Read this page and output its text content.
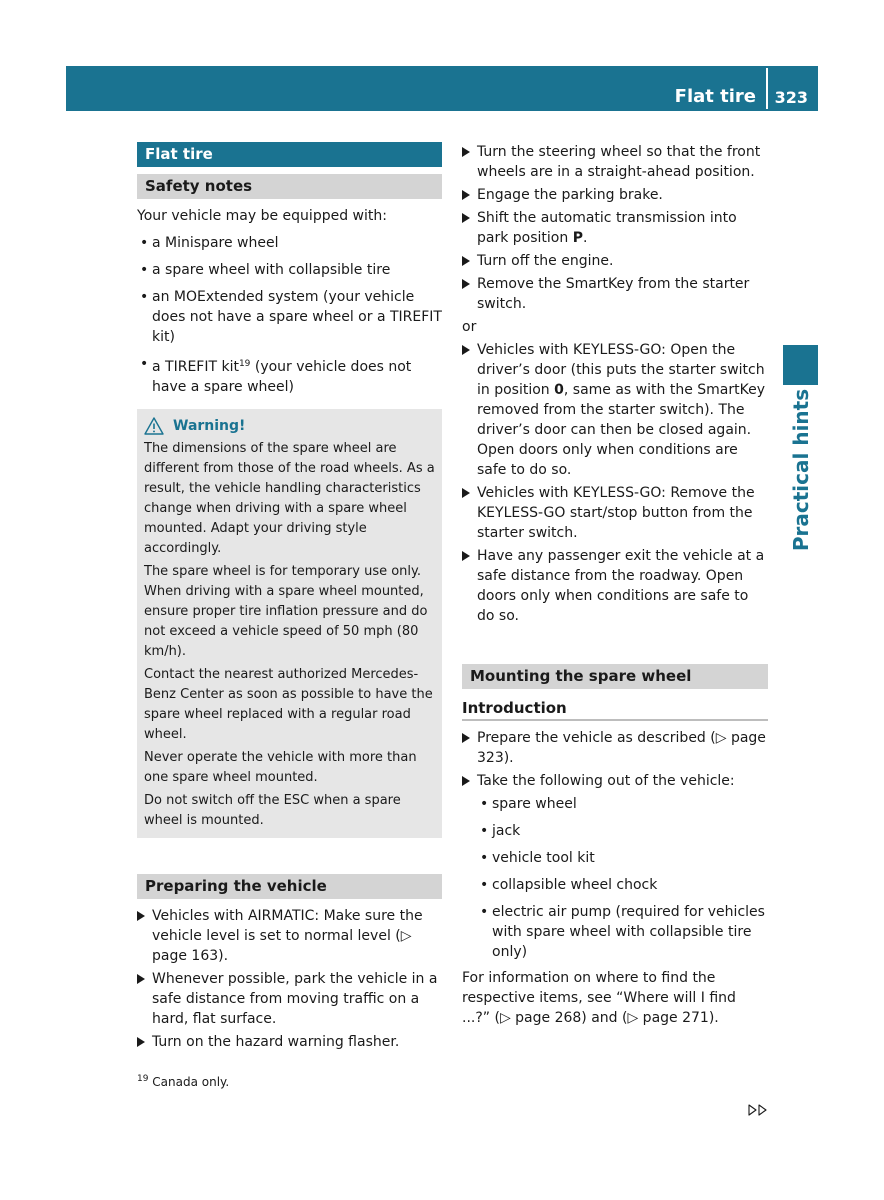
Flat tire 323
Practical hints
Flat tire
Safety notes

Your vehicle may be equipped with:

• a Minispare wheel
• a spare wheel with collapsible tire
• an MOExtended system (your vehicle does not have a spare wheel or a TIREFIT kit)
• a TIREFIT kit$^{19}$ (your vehicle does not have a spare wheel)
Warning!

The dimensions of the spare wheel are different from those of the road wheels. As a result, the vehicle handling characteristics change when driving with a spare wheel mounted. Adapt your driving style accordingly.

The spare wheel is for temporary use only. When driving with a spare wheel mounted, ensure proper tire inflation pressure and do not exceed a vehicle speed of 50 mph (80 km/h).

Contact the nearest authorized Mercedes-Benz Center as soon as possible to have the spare wheel replaced with a regular road wheel.

Never operate the vehicle with more than one spare wheel mounted.

Do not switch off the ESC when a spare wheel is mounted.

Preparing the vehicle
Vehicles with AIRMATIC: Make sure the vehicle level is set to normal level (▷ page 163).
Whenever possible, park the vehicle in a safe distance from moving traffic on a hard, flat surface.
Turn on the hazard warning flasher.
Turn the steering wheel so that the front wheels are in a straight-ahead position.
Engage the parking brake.
Shift the automatic transmission into park position P.
Turn off the engine.
Remove the SmartKey from the starter switch.

or

Vehicles with KEYLESS-GO: Open the driver’s door (this puts the starter switch in position 0, same as with the SmartKey removed from the starter switch). The driver’s door can then be closed again. Open doors only when conditions are safe to do so.
Vehicles with KEYLESS-GO: Remove the KEYLESS-GO start/stop button from the starter switch.
Have any passenger exit the vehicle at a safe distance from the roadway. Open doors only when conditions are safe to do so.
Mounting the spare wheel
Introduction
Prepare the vehicle as described (▷ page 323).
Take the following out of the vehicle:
• spare wheel
• jack
• vehicle tool kit
• collapsible wheel chock
• electric air pump (required for vehicles with spare wheel with collapsible tire only)

For information on where to find the respective items, see “Where will I find ...?” (▷ page 268) and (▷ page 271).

$^{19}$ Canada only.
